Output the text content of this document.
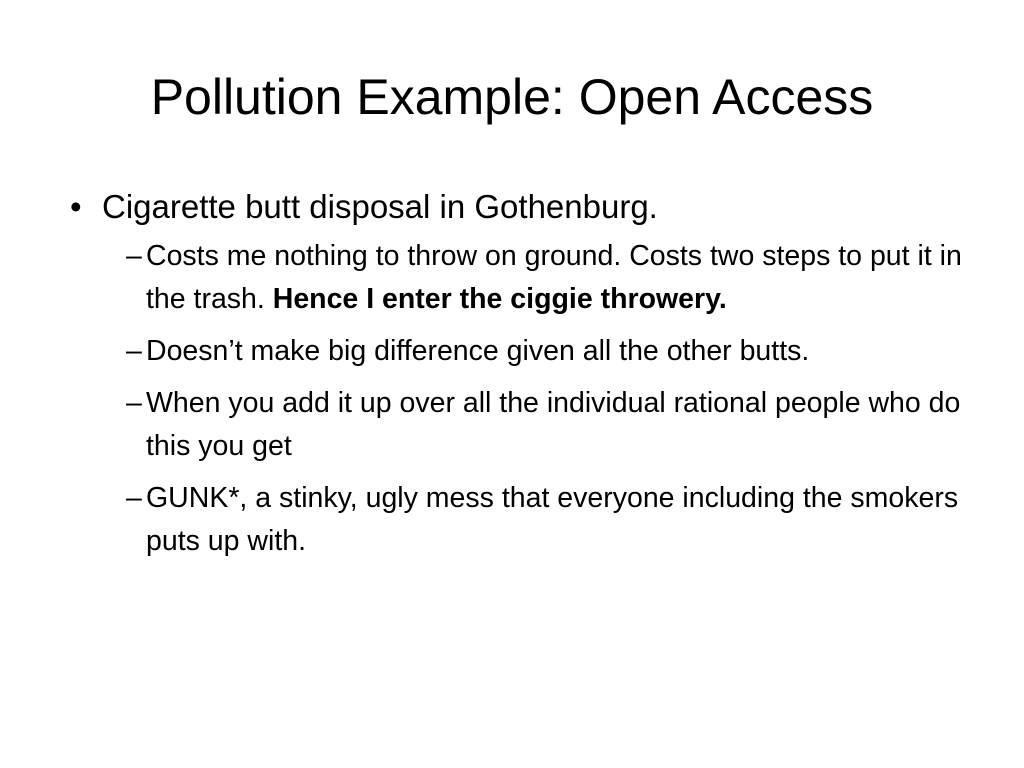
Pollution Example: Open Access
• Cigarette butt disposal in Gothenburg.
– Costs me nothing to throw on ground. Costs two steps to put it in the trash. Hence I enter the ciggie throwery.
– Doesn’t make big difference given all the other butts.
– When you add it up over all the individual rational people who do this you get
– GUNK*, a stinky, ugly mess that everyone including the smokers puts up with.
